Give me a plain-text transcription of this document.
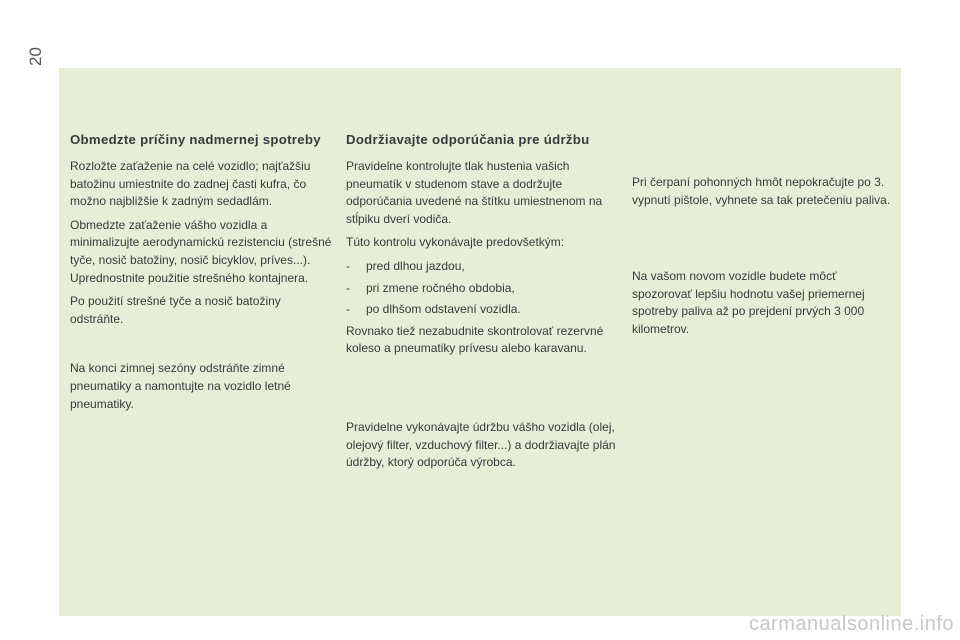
20
Obmedzte príčiny nadmernej spotreby

Rozložte zaťaženie na celé vozidlo; najťažšiu batožinu umiestnite do zadnej časti kufra, čo možno najbližšie k zadným sedadlám.

Obmedzte zaťaženie vášho vozidla a minimalizujte aerodynamickú rezistenciu (strešné tyče, nosič batožiny, nosič bicyklov, príves...). Uprednostnite použitie strešného kontajnera.

Po použití strešné tyče a nosič batožiny odstráňte.

Na konci zimnej sezóny odstráňte zimné pneumatiky a namontujte na vozidlo letné pneumatiky.

Dodržiavajte odporúčania pre údržbu

Pravidelne kontrolujte tlak hustenia vašich pneumatík v studenom stave a dodržujte odporúčania uvedené na štítku umiestnenom na stĺpiku dverí vodiča.

Túto kontrolu vykonávajte predovšetkým:

-	pred dlhou jazdou,
-	pri zmene ročného obdobia,
-	po dlhšom odstavení vozidla.

Rovnako tiež nezabudnite skontrolovať rezervné koleso a pneumatiky prívesu alebo karavanu.

Pravidelne vykonávajte údržbu vášho vozidla (olej, olejový filter, vzduchový filter...) a dodržiavajte plán údržby, ktorý odporúča výrobca.

Pri čerpaní pohonných hmôt nepokračujte po 3. vypnutí pištole, vyhnete sa tak pretečeniu paliva.

Na vašom novom vozidle budete môcť spozorovať lepšiu hodnotu vašej priemernej spotreby paliva až po prejdení prvých 3 000 kilometrov.

carmanualsonline.info
